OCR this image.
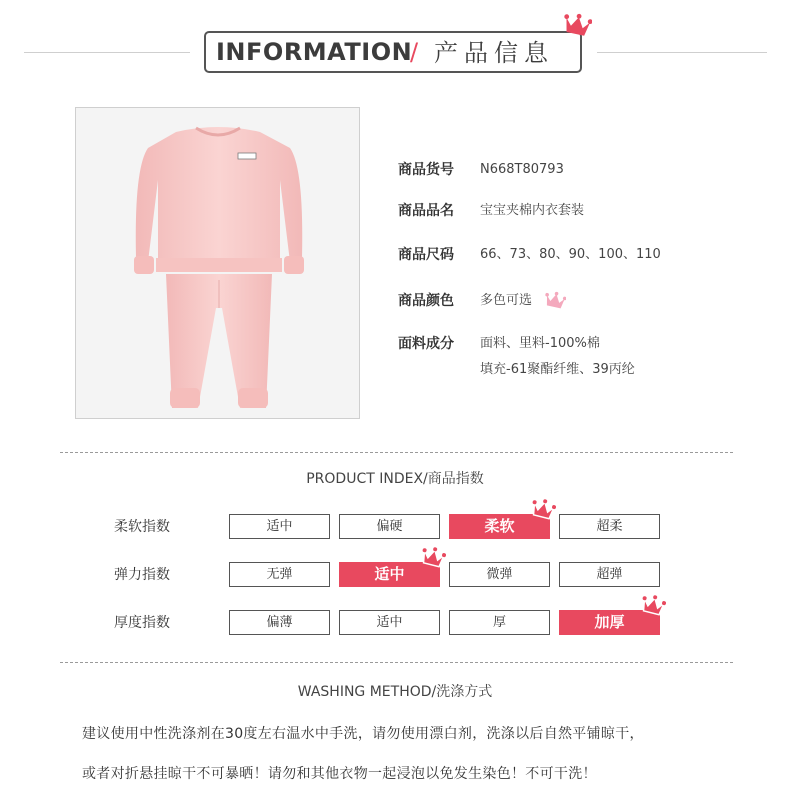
INFORMATION
/ 产品信息
商品货号 N668T80793
商品品名 宝宝夹棉内衣套装
商品尺码 66、73、80、90、100、110
商品颜色 多色可选
面料成分 面料、里料-100%棉
填充-61聚酯纤维、39丙纶
PRODUCT INDEX/商品指数
柔软指数	适中	偏硬	柔软	超柔
弹力指数	无弹	适中	微弹	超弹
厚度指数	偏薄	适中	厚	加厚
WASHING METHOD/洗涤方式
建议使用中性洗涤剂在30度左右温水中手洗，请勿使用漂白剂，洗涤以后自然平铺晾干，
或者对折悬挂晾干不可暴晒！请勿和其他衣物一起浸泡以免发生染色！不可干洗！
